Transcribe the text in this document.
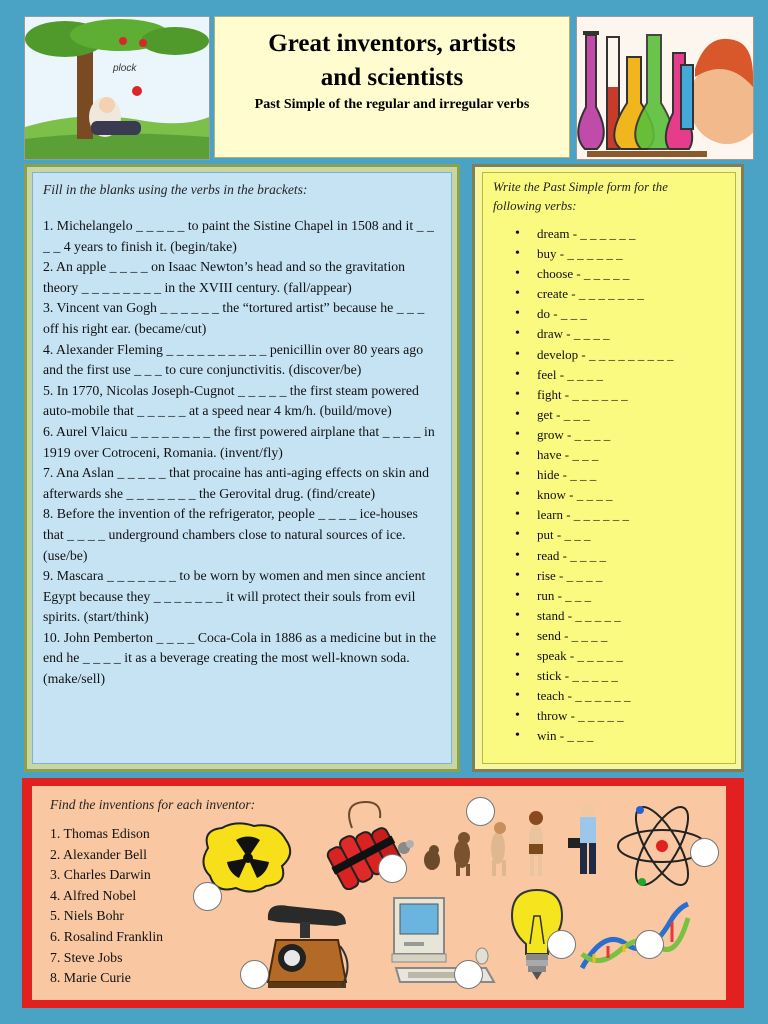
plock
Great inventors, artists
and scientists
Past Simple of the regular and irregular verbs
Fill in the blanks using the verbs in the brackets:

1. Michelangelo _ _ _ _ _ to paint the Sistine Chapel in 1508 and it _ _ _ _ 4 years to finish it. (begin/take)

2. An apple _ _ _ _ on Isaac Newton’s head and so the gravitation theory _ _ _ _ _ _ _ _ in the XVIII century. (fall/appear)

3. Vincent van Gogh _ _ _ _ _ _ the “tortured artist” because he _ _ _ off his right ear. (became/cut)

4. Alexander Fleming _ _ _ _ _ _ _ _ _ _ penicillin over 80 years ago and the first use _ _ _ to cure conjunctivitis. (discover/be)

5. In 1770, Nicolas Joseph-Cugnot _ _ _ _ _ the first steam powered auto-mobile that _ _ _ _ _ at a speed near 4 km/h. (build/move)

6. Aurel Vlaicu _ _ _ _ _ _ _ _ the first powered airplane that _ _ _ _ in 1919 over Cotroceni, Romania. (invent/fly)

7. Ana Aslan _ _ _ _ _ that procaine has anti-aging effects on skin and afterwards she _ _ _ _ _ _ _ the Gerovital drug. (find/create)

8. Before the invention of the refrigerator, people _ _ _ _ ice-houses that _ _ _ _ underground chambers close to natural sources of ice. (use/be)

9. Mascara _ _ _ _ _ _ _ to be worn by women and men since ancient Egypt because they _ _ _ _ _ _ _ it will protect their souls from evil spirits. (start/think)

10. John Pemberton _ _ _ _ Coca-Cola in 1886 as a medicine but in the end he _ _ _ _ it as a beverage creating the most well-known soda. (make/sell)

Write the Past Simple form for the
following verbs:
• dream - _ _ _ _ _ _
• buy - _ _ _ _ _ _
• choose - _ _ _ _ _
• create - _ _ _ _ _ _ _
• do - _ _ _
• draw - _ _ _ _
• develop - _ _ _ _ _ _ _ _ _
• feel - _ _ _ _
• fight - _ _ _ _ _ _
• get - _ _ _
• grow - _ _ _ _
• have - _ _ _
• hide - _ _ _
• know - _ _ _ _
• learn - _ _ _ _ _ _
• put - _ _ _
• read - _ _ _ _
• rise - _ _ _ _
• run - _ _ _
• stand - _ _ _ _ _
• send - _ _ _ _
• speak - _ _ _ _ _
• stick - _ _ _ _ _
• teach - _ _ _ _ _ _
• throw - _ _ _ _ _
• win - _ _ _
Find the inventions for each inventor:
1. Thomas Edison
2. Alexander Bell
3. Charles Darwin
4. Alfred Nobel
5. Niels Bohr
6. Rosalind Franklin
7. Steve Jobs
8. Marie Curie
